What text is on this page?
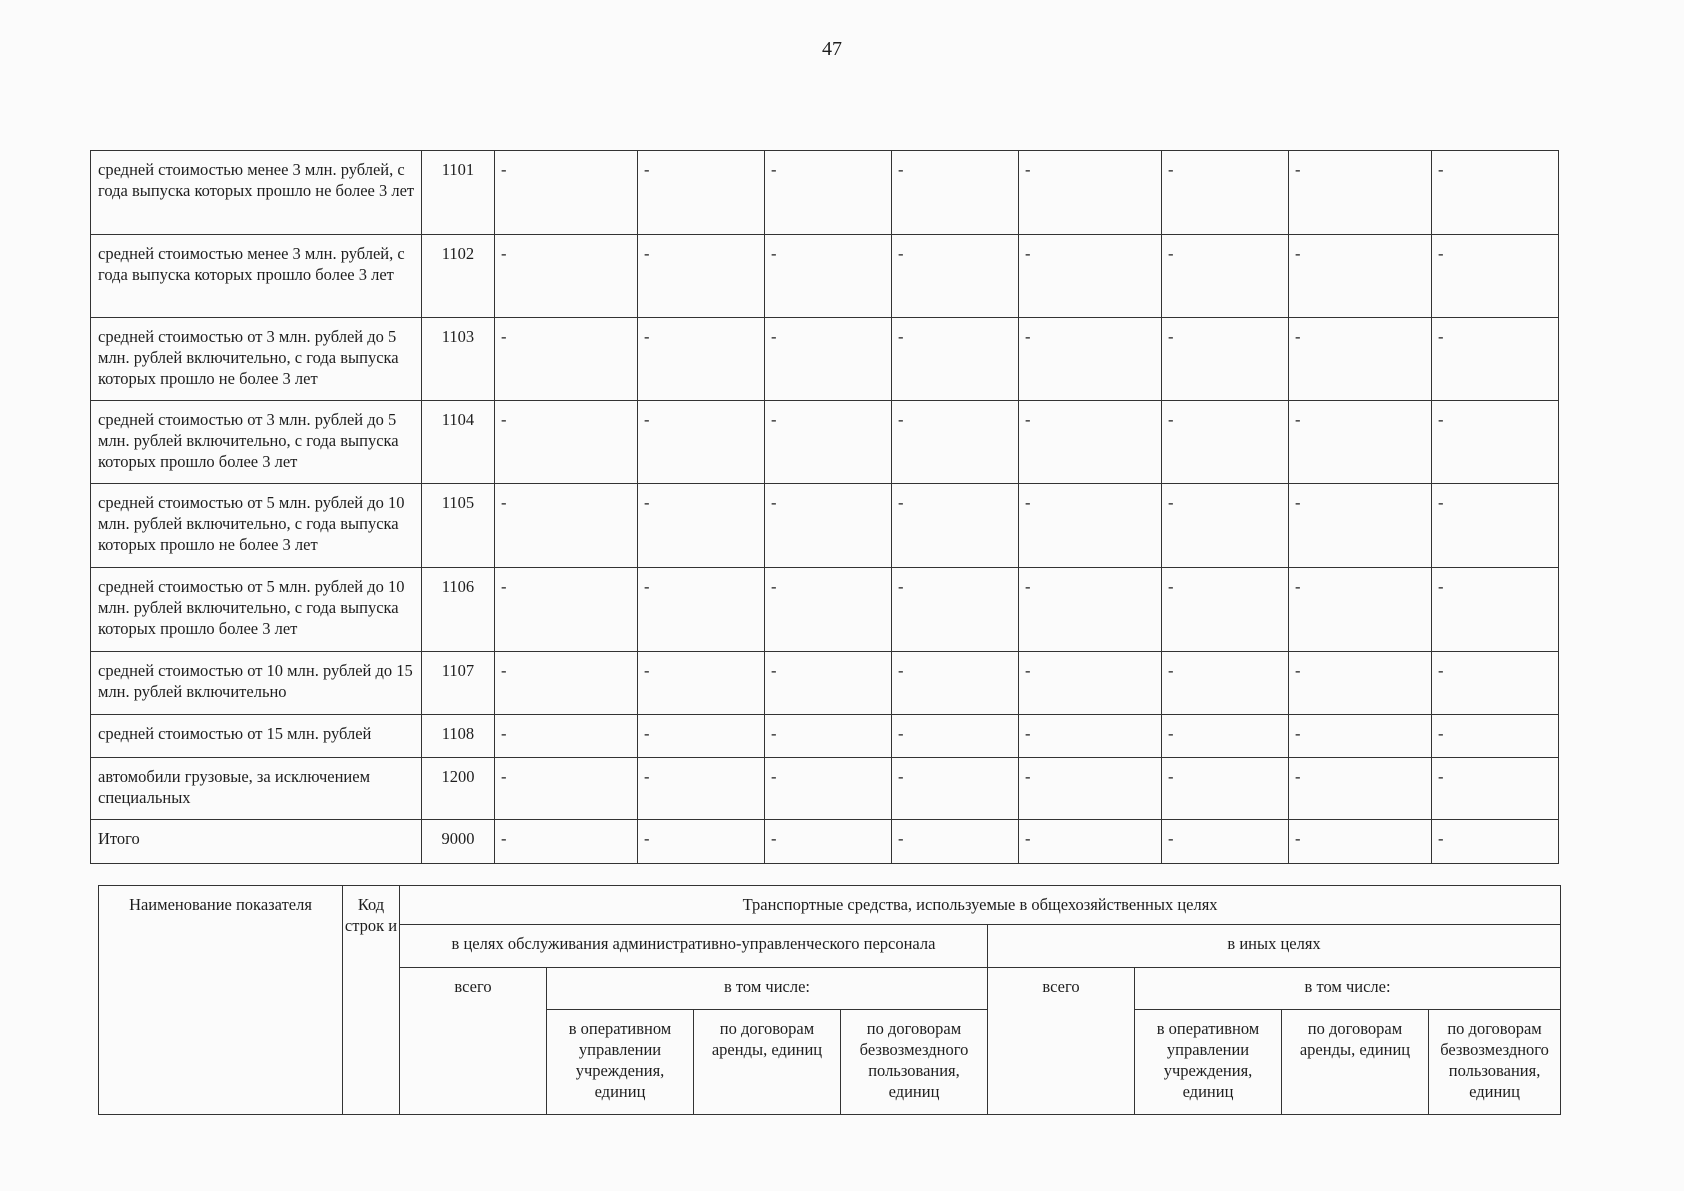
47
средней стоимостью менее 3 млн. рублей, с года выпуска которых прошло не более 3 лет	1101	-	-	-	-	-	-	-	-
средней стоимостью менее 3 млн. рублей, с года выпуска которых прошло более 3 лет	1102	-	-	-	-	-	-	-	-
средней стоимостью от 3 млн. рублей до 5 млн. рублей включительно, с года выпуска которых прошло не более 3 лет	1103	-	-	-	-	-	-	-	-
средней стоимостью от 3 млн. рублей до 5 млн. рублей включительно, с года выпуска которых прошло более 3 лет	1104	-	-	-	-	-	-	-	-
средней стоимостью от 5 млн. рублей до 10 млн. рублей включительно, с года выпуска которых прошло не более 3 лет	1105	-	-	-	-	-	-	-	-
средней стоимостью от 5 млн. рублей до 10 млн. рублей включительно, с года выпуска которых прошло более 3 лет	1106	-	-	-	-	-	-	-	-
средней стоимостью от 10 млн. рублей до 15 млн. рублей включительно	1107	-	-	-	-	-	-	-	-
средней стоимостью от 15 млн. рублей	1108	-	-	-	-	-	-	-	-
автомобили грузовые, за исключением специальных	1200	-	-	-	-	-	-	-	-
Итого	9000	-	-	-	-	-	-	-	-
Наименование показателя	Код строк и	Транспортные средства, используемые в общехозяйственных целях							
		в целях обслуживания административно-управленческого персонала				в иных целях			
		всего	в том числе:			всего	в том числе:		
			в оперативном управлении учреждения, единиц	по договорам аренды, единиц	по договорам безвозмездного пользования, единиц		в оперативном управлении учреждения, единиц	по договорам аренды, единиц	по договорам безвозмездного пользования, единиц
